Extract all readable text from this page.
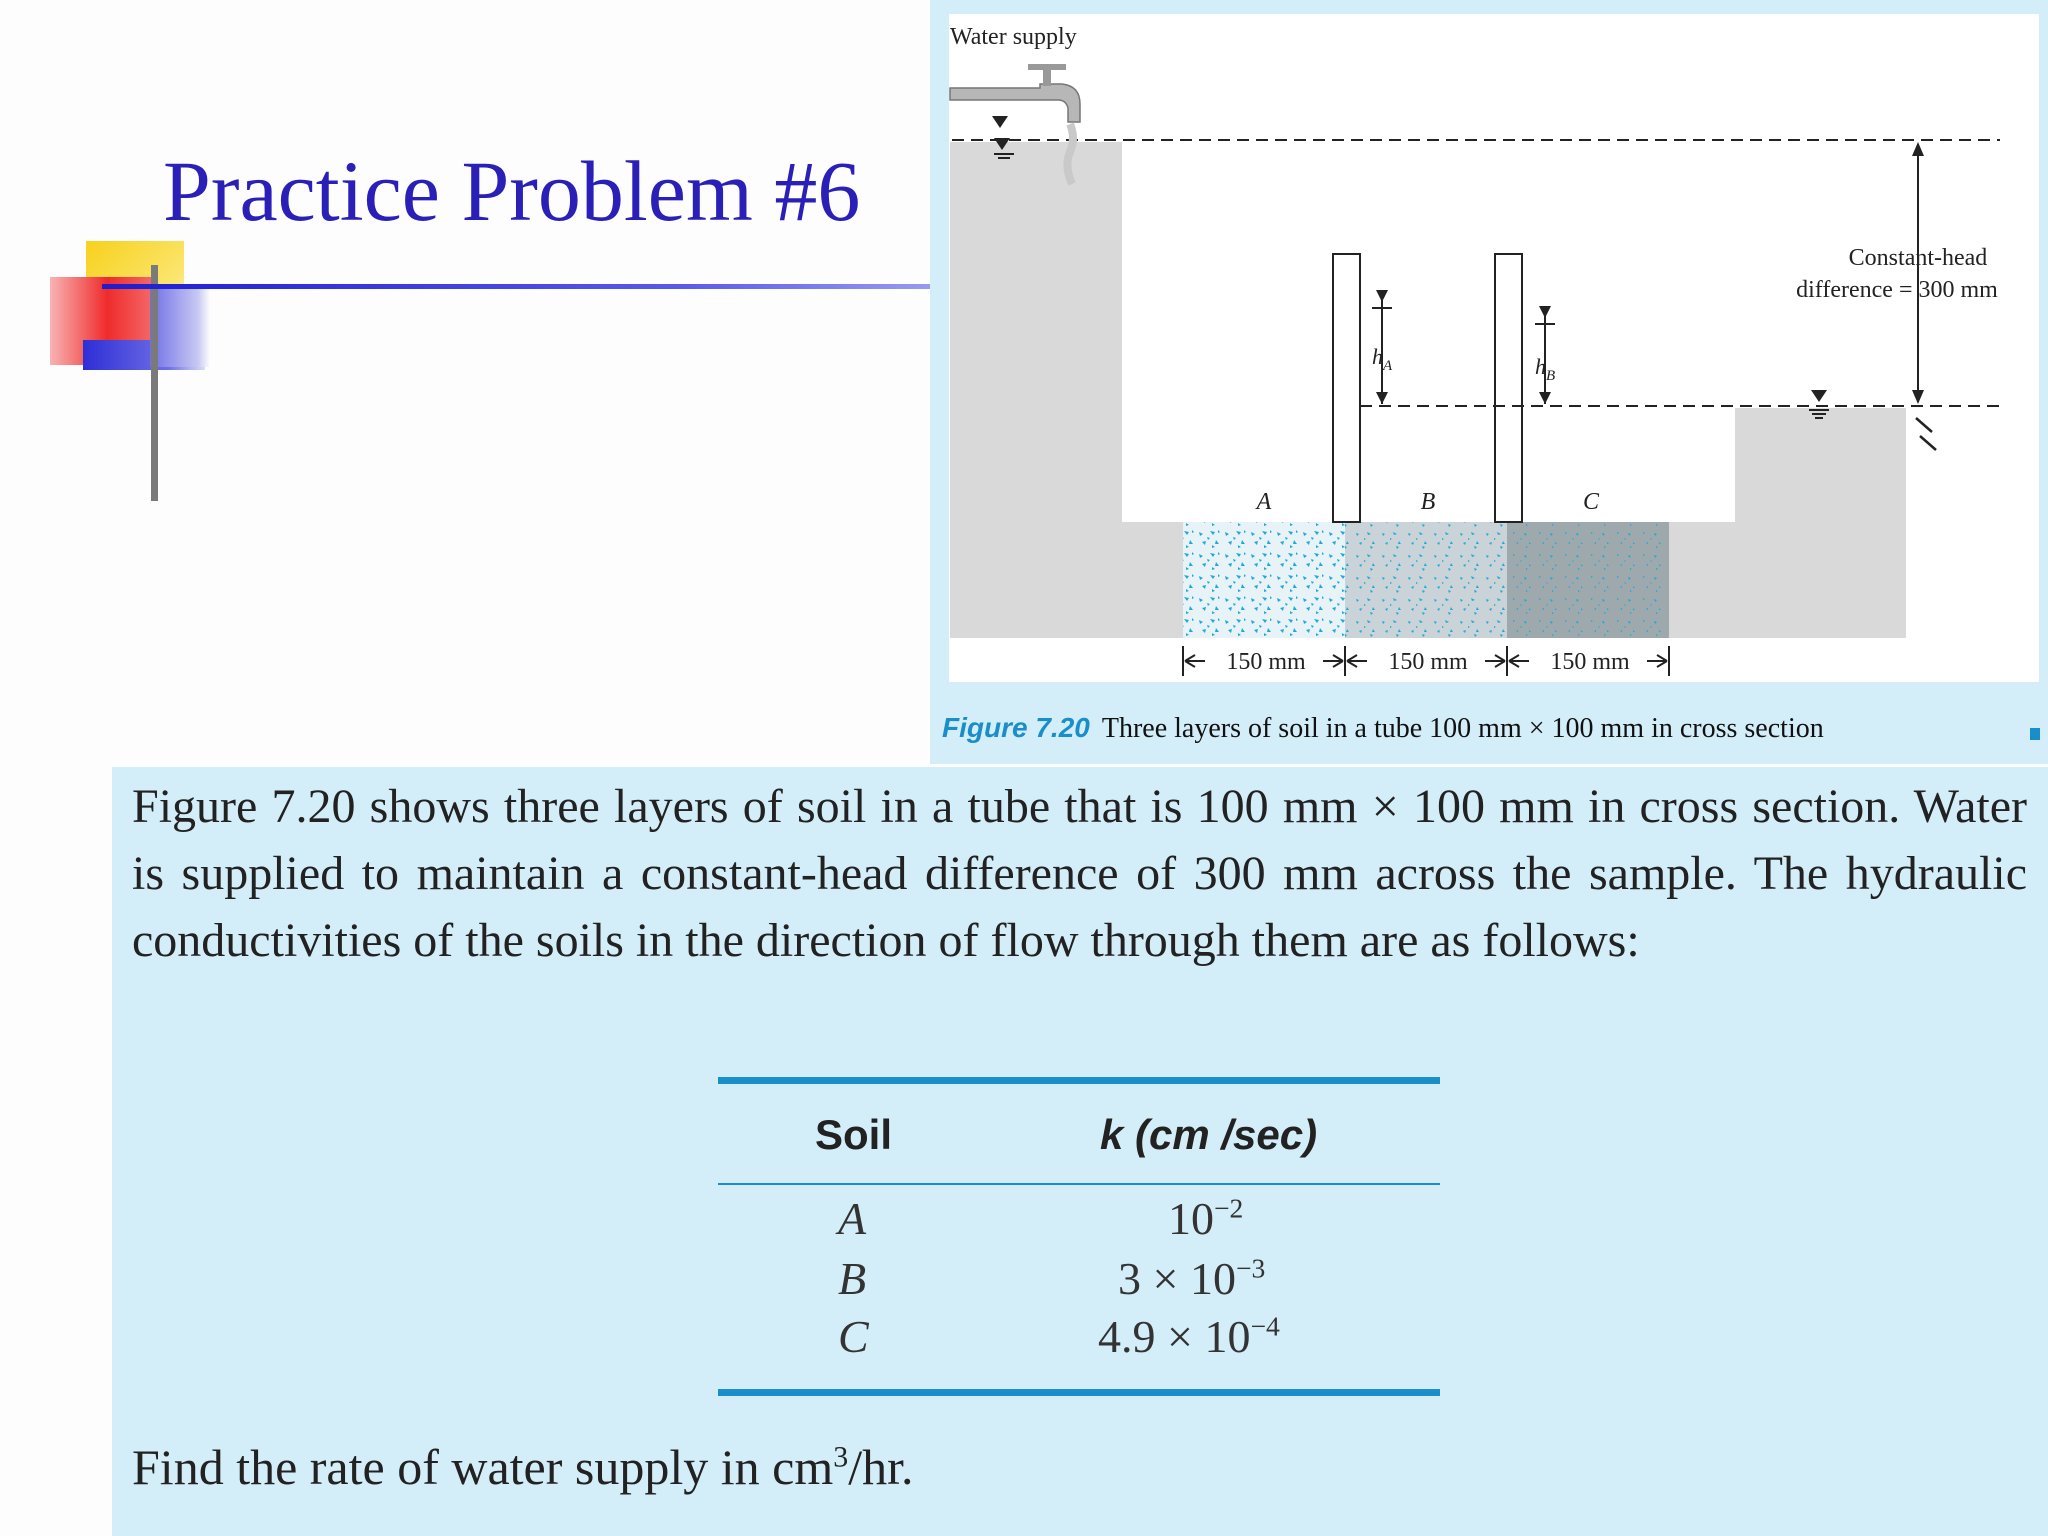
Practice Problem #6
Water supply
Constant-head
difference = 300 mm
$h_A$	$h_B$
A	B	C
150 mm	150 mm	150 mm
Figure 7.20 Three layers of soil in a tube 100 mm × 100 mm in cross section
Figure 7.20 shows three layers of soil in a tube that is 100 mm × 100 mm in cross section. Water is supplied to maintain a constant-head difference of 300 mm across the sample. The hydraulic conductivities of the soils in the direction of flow through them are as follows:
Soil	k (cm /sec)
A	$10^{-2}$
B	$3 \times 10^{-3}$
C	$4.9 \times 10^{-4}$
Find the rate of water supply in $cm^3/hr$.
